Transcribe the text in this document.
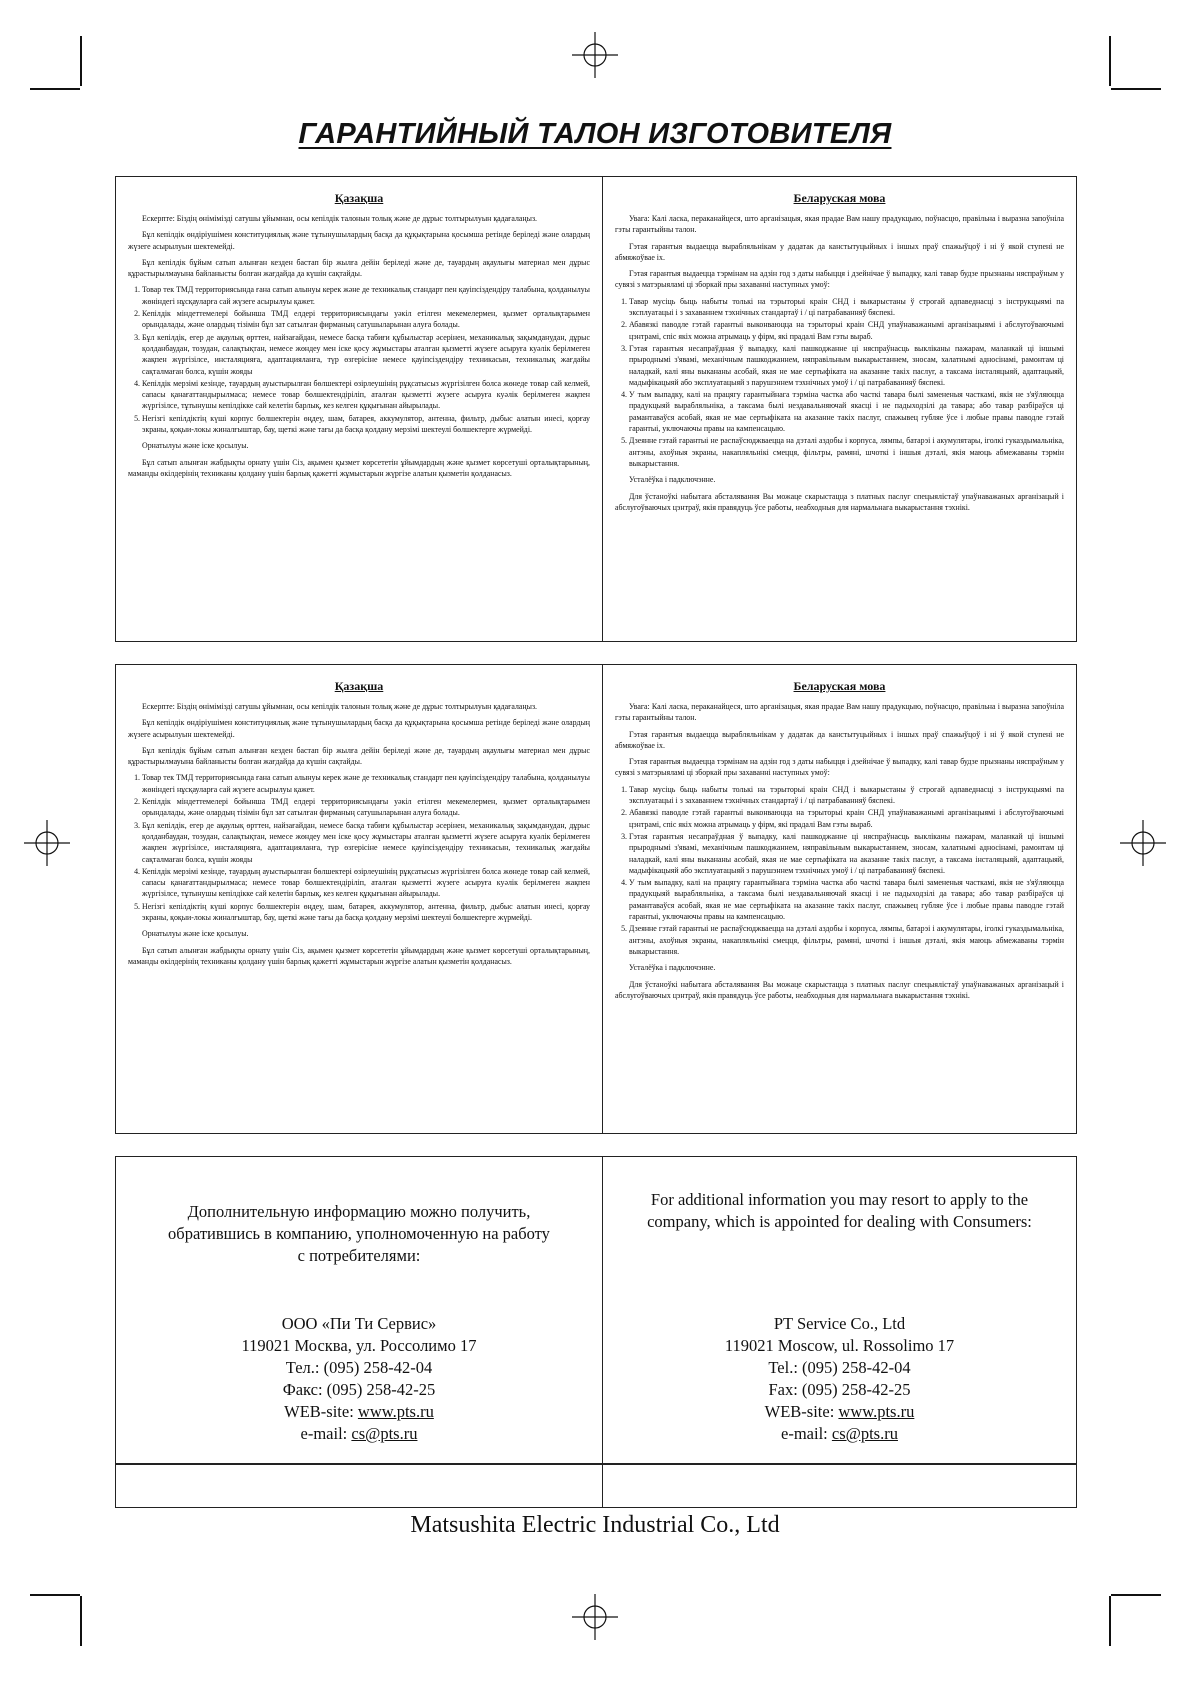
ГАРАНТИЙНЫЙ ТАЛОН ИЗГОТОВИТЕЛЯ
Қазақша

Ескерпте: Біздің өнімімізді сатушы ұйымнан, осы кепілдік талонын толық және де дұрыс толтырылуын қадағалаңыз.

Бұл кепілдік өндіріушімен конституциялық және тұтынушылардың басқа да құқықтарына қосымша ретінде беріледі және олардың жүзеге асырылуын шектемейді.

Бұл кепілдік бұйым сатып алынған кезден бастап бір жылға дейін беріледі және де, тауардың ақаулығы материал мен дұрыс құрастырылмауына байланысты болған жағдайда да күшін сақтайды.

1. Товар тек ТМД территориясында ғана сатып алынуы керек және де техникалық стандарт пен қауіпсіздендіру талабына, қолданылуы жөніндегі нұсқауларға сай жүзеге асырылуы қажет.
2. Кепілдік міндеттемелері бойынша ТМД елдері территориясындағы уәкіл етілген мекемелермен, қызмет орталықтарымен орындалады, және олардың тізімін бұл зат сатылған фирманың сатушыларынан алуға болады.
3. Бұл кепілдік, егер де ақаулық өрттен, найзағайдан, немесе басқа табиғи құбылыстар әсерінен, механикалық зақымданудан, дұрыс қолданбаудан, тозудан, салақтықтан, немесе жөндеу мен іске қосу жұмыстары аталған қызметті жүзеге асыруға куәлік берілмеген жақпен жүргізілсе, инсталяцияға, адаптацияланға, түр өзгерісіне немесе қауіпсіздендіру техникасын, техникалық жағдайы сақталмаған болса, күшін жояды
4. Кепілдік мерзімі кезінде, тауардың ауыстырылған бөлшектері өзірлеушінің рұқсатысыз жүргізілген болса жөнеде товар сай келмей, сапасы қанағаттандырылмаса; немесе товар бөлшектендіріліп, аталған қызметті жүзеге асыруға куәлік берілмеген жақпен жүргізілсе, тұтынушы кепілдікке сай келетін барлық, кез келген құқығынан айырылады.
5. Негізгі кепілдіктің күші корпус бөлшектерін өңдеу, шам, батарея, аккумулятор, антенна, фильтр, дыбыс алатын инесі, қорғау экраны, қоқыи-локы жиналғыштар, бау, щеткі және тағы да басқа қолдану мерзімі шектеулі бөлшектерге жүрмейді.

Орнатылуы және іске қосылуы.

Бұл сатып алынған жабдықты орнату үшін Сіз, ақымен қызмет көрсететін ұйымдардың және қызмет көрсетуші орталықтарының, маманды өкілдерінің техниканы қолдану үшін барлық қажетті жұмыстарын жүргізе алатын қызметін қолданасыз.

Беларуская мова

Увага: Калі ласка, пераканайцеся, што арганізацыя, якая прадае Вам нашу прадукцыю, поўнасцю, правільна і выразна запоўніла гэты гарантыйны талон.

Гэтая гарантыя выдаецца вырабляльнікам у дадатак да канстытуцыйных і іншых праў спажыўцоў і ні ў якой ступені не абмяжоўвае іх.

Гэтая гарантыя выдаецца тэрмінам на адзін год з даты набыцця і дзейнічае ў выпадку, калі тавар будзе прызнаны няспраўным у сувязі з матэрыяламі ці зборкай пры захаванні наступных умоў:

1. Тавар мусіць быць набыты толькі на тэрыторыі краін СНД і выкарыстаны ў строгай адпаведнасці з інструкцыямі па эксплуатацыі і з захаваннем тэхнічных стандартаў і / ці патрабаванняў бяспекі.
2. Абавязкі паводле гэтай гарантыі выконваюцца на тэрыторыі краін СНД упаўнаважанымі арганізацыямі і абслугоўваючымі цэнтрамі, спіс якіх можна атрымаць у фірм, які прадалі Вам гэты выраб.
3. Гэтая гарантыя несапраўдная ў выпадку, калі пашкоджанне ці няспраўнасць выкліканы пажарам, маланкай ці іншымі прыроднымі з'явамі, механічным пашкоджаннем, няправільным выкарыстаннем, зносам, халатнымі адносінамі, рамонтам ці наладкай, калі яны выкананы асобай, якая не мае сертыфіката на аказанне такіх паслуг, а таксама інсталяцыяй, адаптацыяй, мадыфікацыяй або эксплуатацыяй з парушэннем тэхнічных умоў і / ці патрабаванняў бяспекі.
4. У тым выпадку, калі на працягу гарантыйнага тэрміна частка або часткі тавара былі замененыя часткамі, якія не з'яўляюцца прадукцыяй вырабляльніка, а таксама былі нездавальняючай якасці і не падыходзілі да тавара; або тавар разбіраўся ці рамантаваўся асобай, якая не мае сертыфіката на аказанне такіх паслуг, спажывец губляе ўсе і любые правы паводле гэтай гарантыі, уключаючы правы на кампенсацыю.
5. Дзеянне гэтай гарантыі не распаўсюджваецца на дэталі аздобы і корпуса, лямпы, батарэі і акумулятары, іголкі гуказдымальніка, антэны, ахоўныя экраны, накапляльнікі смецця, фільтры, рамяні, шчоткі і іншыя дэталі, якія маюць абмежаваны тэрмін выкарыстання.

Усталёўка і падключэнне.

Для ўстаноўкі набытага абсталявання Вы можаце скарыстацца з платных паслуг спецыялістаў упаўнаважаных арганізацый і абслугоўваючых цэнтраў, якія правядуць ўсе работы, неабходныя для нармальнага выкарыстання тэхнікі.

Қазақша

Ескерпте: Біздің өнімімізді сатушы ұйымнан, осы кепілдік талонын толық және де дұрыс толтырылуын қадағалаңыз.

Бұл кепілдік өндіріушімен конституциялық және тұтынушылардың басқа да құқықтарына қосымша ретінде беріледі және олардың жүзеге асырылуын шектемейді.

Бұл кепілдік бұйым сатып алынған кезден бастап бір жылға дейін беріледі және де, тауардың ақаулығы материал мен дұрыс құрастырылмауына байланысты болған жағдайда да күшін сақтайды.

1. Товар тек ТМД территориясында ғана сатып алынуы керек және де техникалық стандарт пен қауіпсіздендіру талабына, қолданылуы жөніндегі нұсқауларға сай жүзеге асырылуы қажет.
2. Кепілдік міндеттемелері бойынша ТМД елдері территориясындағы уәкіл етілген мекемелермен, қызмет орталықтарымен орындалады, және олардың тізімін бұл зат сатылған фирманың сатушыларынан алуға болады.
3. Бұл кепілдік, егер де ақаулық өрттен, найзағайдан, немесе басқа табиғи құбылыстар әсерінен, механикалық зақымданудан, дұрыс қолданбаудан, тозудан, салақтықтан, немесе жөндеу мен іске қосу жұмыстары аталған қызметті жүзеге асыруға куәлік берілмеген жақпен жүргізілсе, инсталяцияға, адаптацияланға, түр өзгерісіне немесе қауіпсіздендіру техникасын, техникалық жағдайы сақталмаған болса, күшін жояды
4. Кепілдік мерзімі кезінде, тауардың ауыстырылған бөлшектері өзірлеушінің рұқсатысыз жүргізілген болса жөнеде товар сай келмей, сапасы қанағаттандырылмаса; немесе товар бөлшектендіріліп, аталған қызметті жүзеге асыруға куәлік берілмеген жақпен жүргізілсе, тұтынушы кепілдікке сай келетін барлық, кез келген құқығынан айырылады.
5. Негізгі кепілдіктің күші корпус бөлшектерін өңдеу, шам, батарея, аккумулятор, антенна, фильтр, дыбыс алатын инесі, қорғау экраны, қоқыи-локы жиналғыштар, бау, щеткі және тағы да басқа қолдану мерзімі шектеулі бөлшектерге жүрмейді.

Орнатылуы және іске қосылуы.

Бұл сатып алынған жабдықты орнату үшін Сіз, ақымен қызмет көрсететін ұйымдардың және қызмет көрсетуші орталықтарының, маманды өкілдерінің техниканы қолдану үшін барлық қажетті жұмыстарын жүргізе алатын қызметін қолданасыз.

Беларуская мова

Увага: Калі ласка, пераканайцеся, што арганізацыя, якая прадае Вам нашу прадукцыю, поўнасцю, правільна і выразна запоўніла гэты гарантыйны талон.

Гэтая гарантыя выдаецца вырабляльнікам у дадатак да канстытуцыйных і іншых праў спажыўцоў і ні ў якой ступені не абмяжоўвае іх.

Гэтая гарантыя выдаецца тэрмінам на адзін год з даты набыцця і дзейнічае ў выпадку, калі тавар будзе прызнаны няспраўным у сувязі з матэрыяламі ці зборкай пры захаванні наступных умоў:

1. Тавар мусіць быць набыты толькі на тэрыторыі краін СНД і выкарыстаны ў строгай адпаведнасці з інструкцыямі па эксплуатацыі і з захаваннем тэхнічных стандартаў і / ці патрабаванняў бяспекі.
2. Абавязкі паводле гэтай гарантыі выконваюцца на тэрыторыі краін СНД упаўнаважанымі арганізацыямі і абслугоўваючымі цэнтрамі, спіс якіх можна атрымаць у фірм, які прадалі Вам гэты выраб.
3. Гэтая гарантыя несапраўдная ў выпадку, калі пашкоджанне ці няспраўнасць выкліканы пажарам, маланкай ці іншымі прыроднымі з'явамі, механічным пашкоджаннем, няправільным выкарыстаннем, зносам, халатнымі адносінамі, рамонтам ці наладкай, калі яны выкананы асобай, якая не мае сертыфіката на аказанне такіх паслуг, а таксама інсталяцыяй, адаптацыяй, мадыфікацыяй або эксплуатацыяй з парушэннем тэхнічных умоў і / ці патрабаванняў бяспекі.
4. У тым выпадку, калі на працягу гарантыйнага тэрміна частка або часткі тавара былі замененыя часткамі, якія не з'яўляюцца прадукцыяй вырабляльніка, а таксама былі нездавальняючай якасці і не падыходзілі да тавара; або тавар разбіраўся ці рамантаваўся асобай, якая не мае сертыфіката на аказанне такіх паслуг, спажывец губляе ўсе і любые правы паводле гэтай гарантыі, уключаючы правы на кампенсацыю.
5. Дзеянне гэтай гарантыі не распаўсюджваецца на дэталі аздобы і корпуса, лямпы, батарэі і акумулятары, іголкі гуказдымальніка, антэны, ахоўныя экраны, накапляльнікі смецця, фільтры, рамяні, шчоткі і іншыя дэталі, якія маюць абмежаваны тэрмін выкарыстання.

Усталёўка і падключэнне.

Для ўстаноўкі набытага абсталявання Вы можаце скарыстацца з платных паслуг спецыялістаў упаўнаважаных арганізацый і абслугоўваючых цэнтраў, якія правядуць ўсе работы, неабходныя для нармальнага выкарыстання тэхнікі.

Дополнительную информацию можно получить,
обратившись в компанию, уполномоченную на работу
с потребителями:
ООО «Пи Ти Сервис»
119021 Москва, ул. Россолимо 17
Тел.: (095) 258-42-04
Факс: (095) 258-42-25
WEB-site: www.pts.ru
e-mail: cs@pts.ru
For additional information you may resort to apply to the
company, which is appointed for dealing with Consumers:
PT Service Co., Ltd
119021 Moscow, ul. Rossolimo 17
Tel.: (095) 258-42-04
Fax: (095) 258-42-25
WEB-site: www.pts.ru
e-mail: cs@pts.ru
Matsushita Electric Industrial Co., Ltd
